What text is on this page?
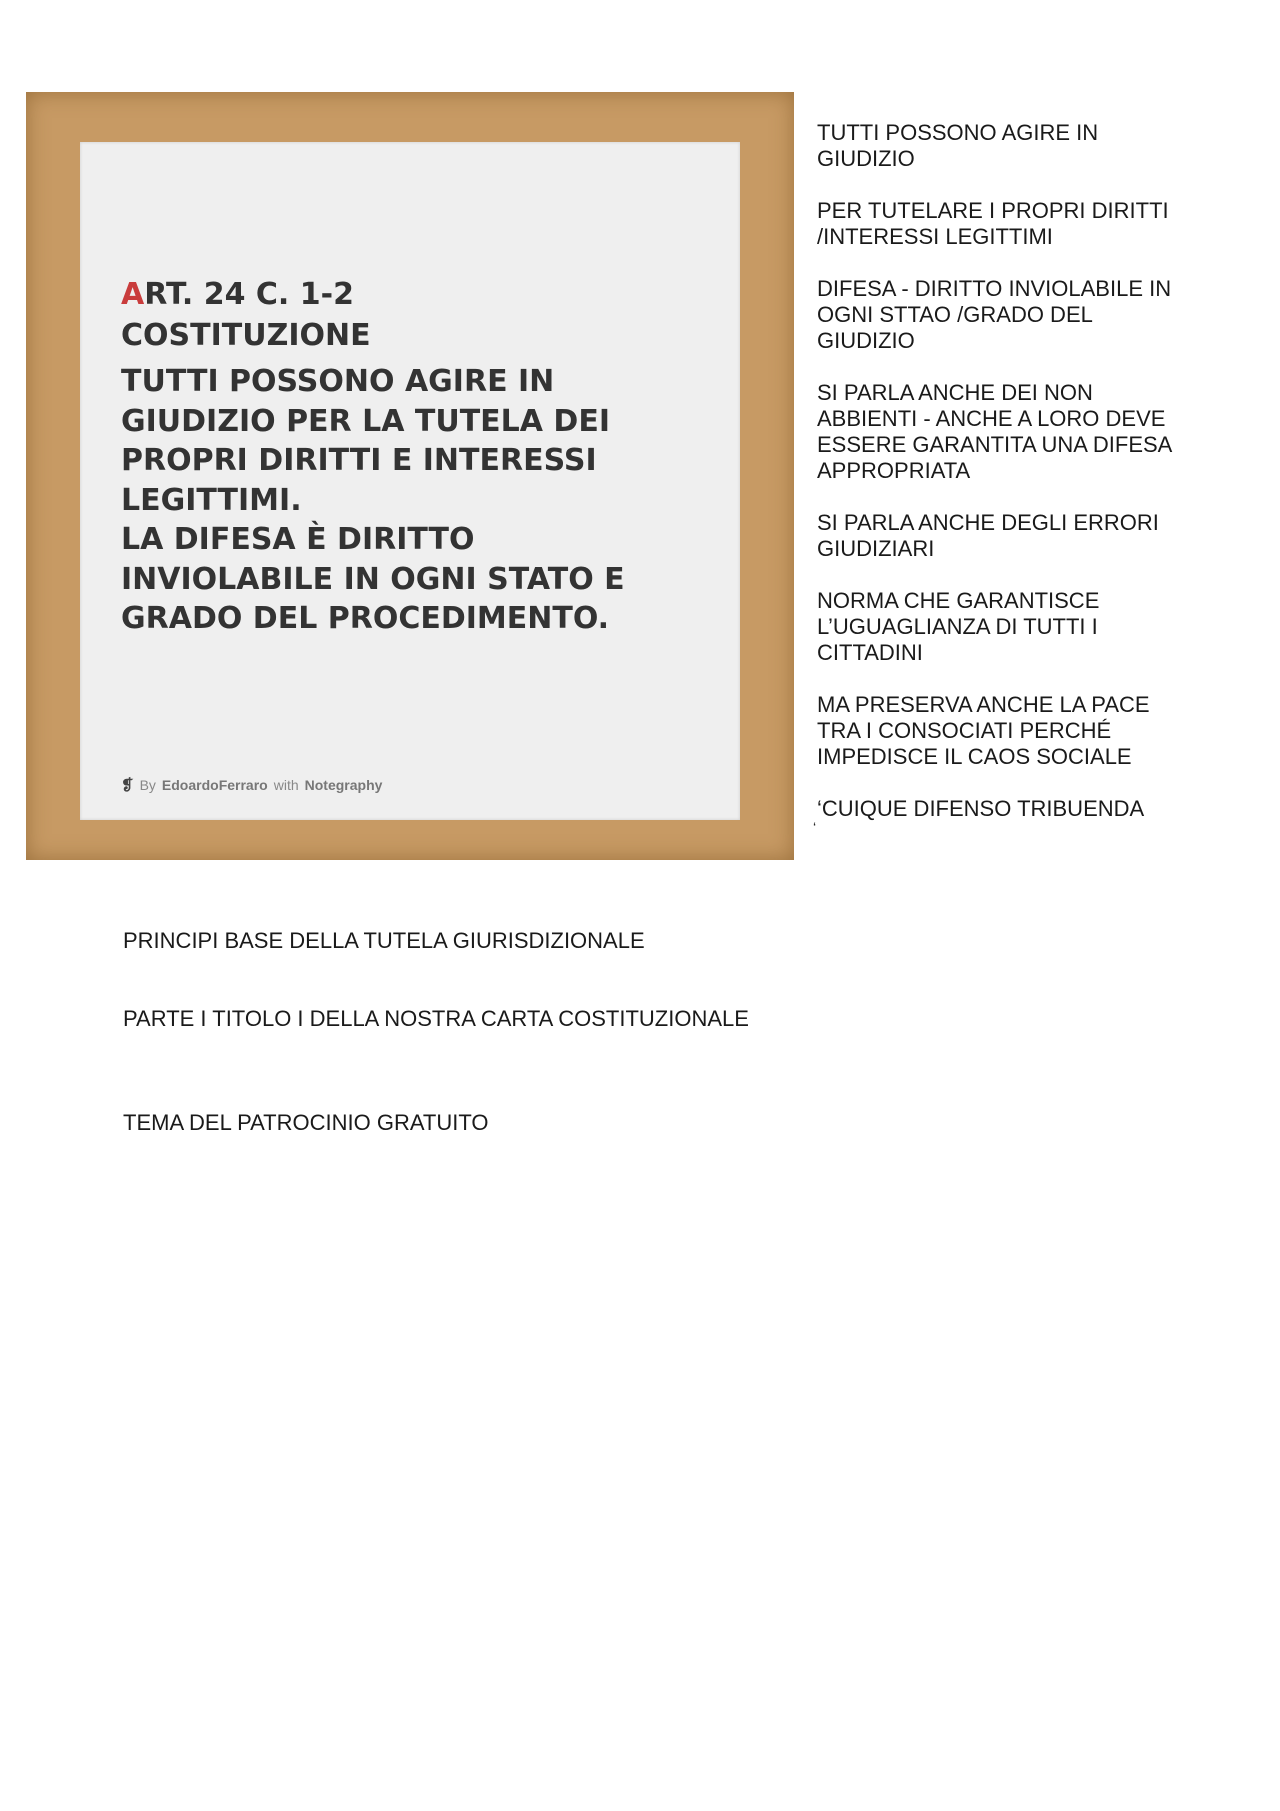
ART. 24 C. 1-2
COSTITUZIONE

TUTTI POSSONO AGIRE IN
GIUDIZIO PER LA TUTELA DEI
PROPRI DIRITTI E INTERESSI
LEGITTIMI.
LA DIFESA È DIRITTO
INVIOLABILE IN OGNI STATO E
GRADO DEL PROCEDIMENTO.

❡ By EdoardoFerraro with Notegraphy

TUTTI POSSONO AGIRE IN GIUDIZIO

PER TUTELARE I PROPRI DIRITTI /INTERESSI LEGITTIMI

DIFESA - DIRITTO INVIOLABILE IN OGNI STTAO /GRADO DEL GIUDIZIO

SI PARLA ANCHE DEI NON ABBIENTI - ANCHE A LORO DEVE ESSERE GARANTITA UNA DIFESA APPROPRIATA

SI PARLA ANCHE DEGLI ERRORI GIUDIZIARI

NORMA CHE GARANTISCE L’UGUAGLIANZA DI TUTTI I CITTADINI

MA PRESERVA ANCHE LA PACE TRA I CONSOCIATI PERCHÉ IMPEDISCE IL CAOS SOCIALE

‘CUIQUE DIFENSO TRIBUENDA

‘

PRINCIPI BASE DELLA TUTELA GIURISDIZIONALE

PARTE I TITOLO I DELLA NOSTRA CARTA COSTITUZIONALE

TEMA DEL PATROCINIO GRATUITO
